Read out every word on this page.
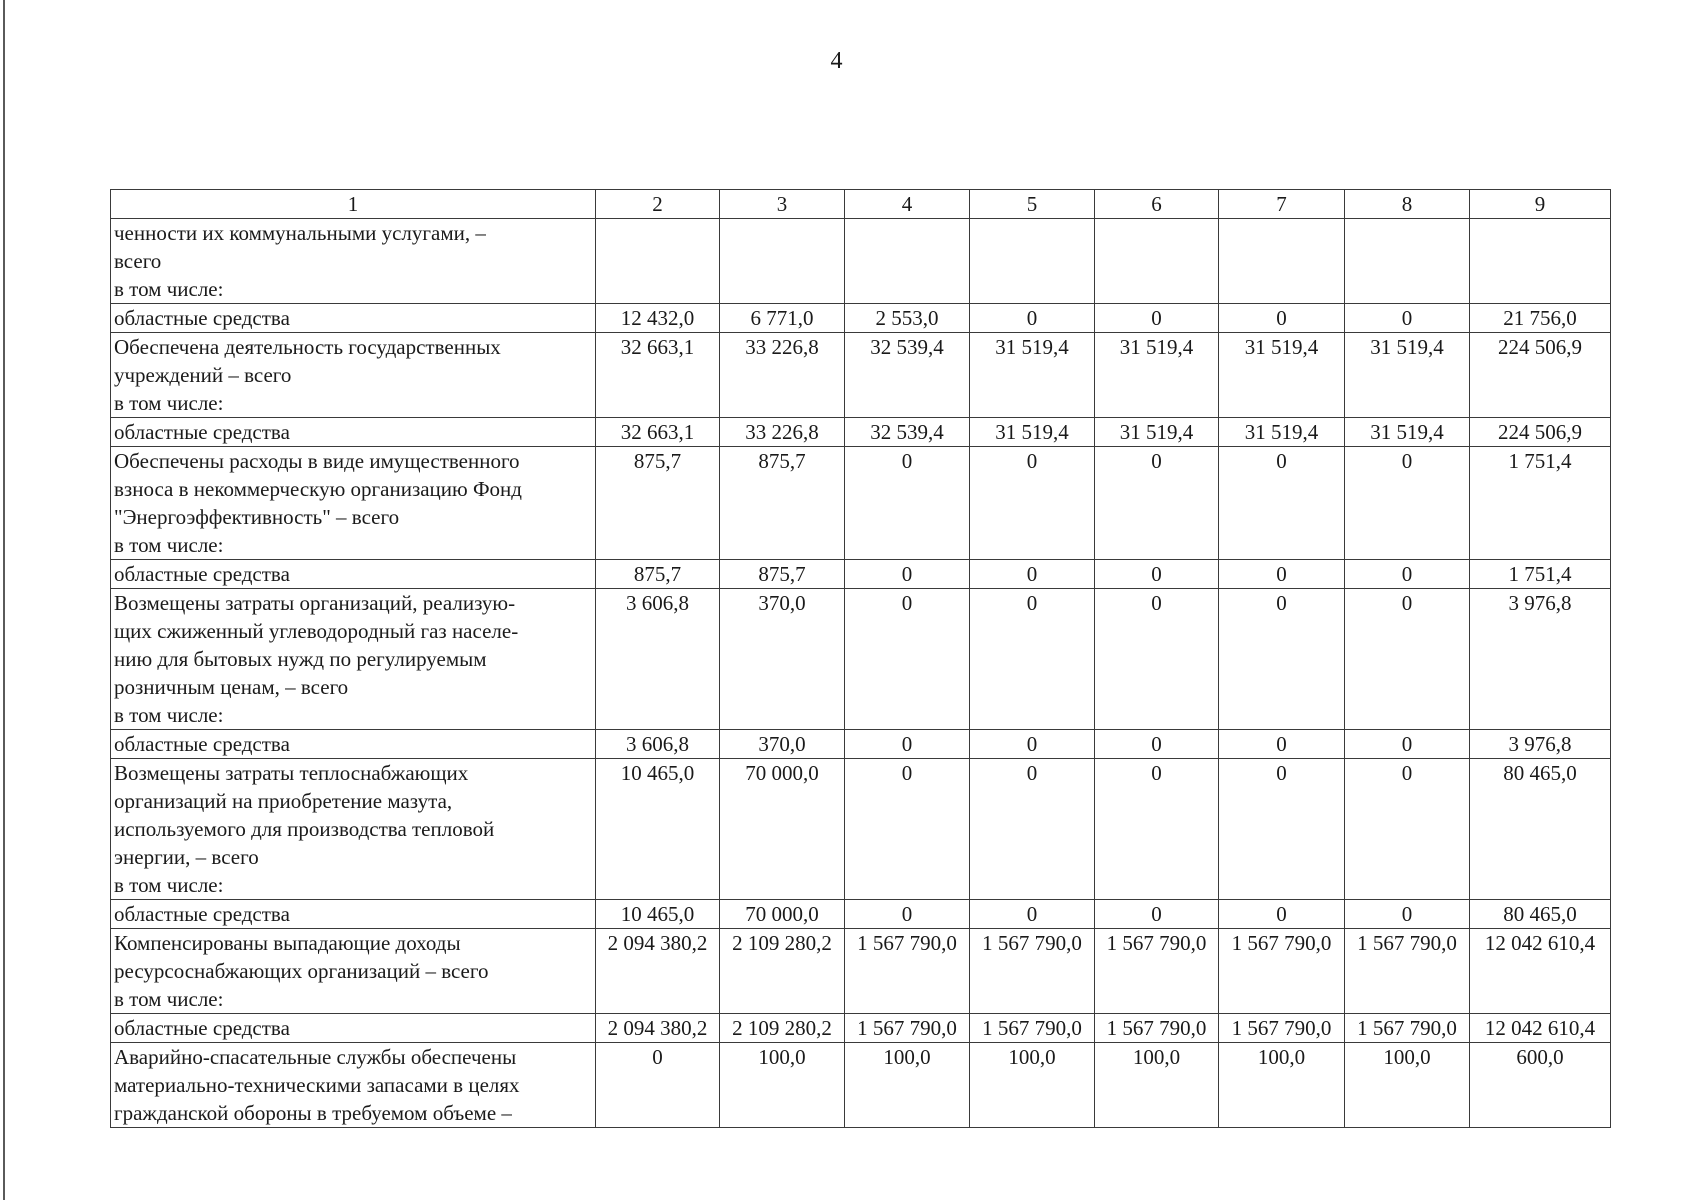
4
1	2	3	4	5	6	7	8	9
ченности их коммунальными услугами, –
всего
в том числе:								
областные средства	12 432,0	6 771,0	2 553,0	0	0	0	0	21 756,0
Обеспечена деятельность государственных
учреждений – всего
в том числе:	32 663,1	33 226,8	32 539,4	31 519,4	31 519,4	31 519,4	31 519,4	224 506,9
областные средства	32 663,1	33 226,8	32 539,4	31 519,4	31 519,4	31 519,4	31 519,4	224 506,9
Обеспечены расходы в виде имущественного
взноса в некоммерческую организацию Фонд
"Энергоэффективность" – всего
в том числе:	875,7	875,7	0	0	0	0	0	1 751,4
областные средства	875,7	875,7	0	0	0	0	0	1 751,4
Возмещены затраты организаций, реализую-
щих сжиженный углеводородный газ населе-
нию для бытовых нужд по регулируемым
розничным ценам, – всего
в том числе:	3 606,8	370,0	0	0	0	0	0	3 976,8
областные средства	3 606,8	370,0	0	0	0	0	0	3 976,8
Возмещены затраты теплоснабжающих
организаций на приобретение мазута,
используемого для производства тепловой
энергии, – всего
в том числе:	10 465,0	70 000,0	0	0	0	0	0	80 465,0
областные средства	10 465,0	70 000,0	0	0	0	0	0	80 465,0
Компенсированы выпадающие доходы
ресурсоснабжающих организаций – всего
в том числе:	2 094 380,2	2 109 280,2	1 567 790,0	1 567 790,0	1 567 790,0	1 567 790,0	1 567 790,0	12 042 610,4
областные средства	2 094 380,2	2 109 280,2	1 567 790,0	1 567 790,0	1 567 790,0	1 567 790,0	1 567 790,0	12 042 610,4
Аварийно-спасательные службы обеспечены
материально-техническими запасами в целях
гражданской обороны в требуемом объеме –	0	100,0	100,0	100,0	100,0	100,0	100,0	600,0
